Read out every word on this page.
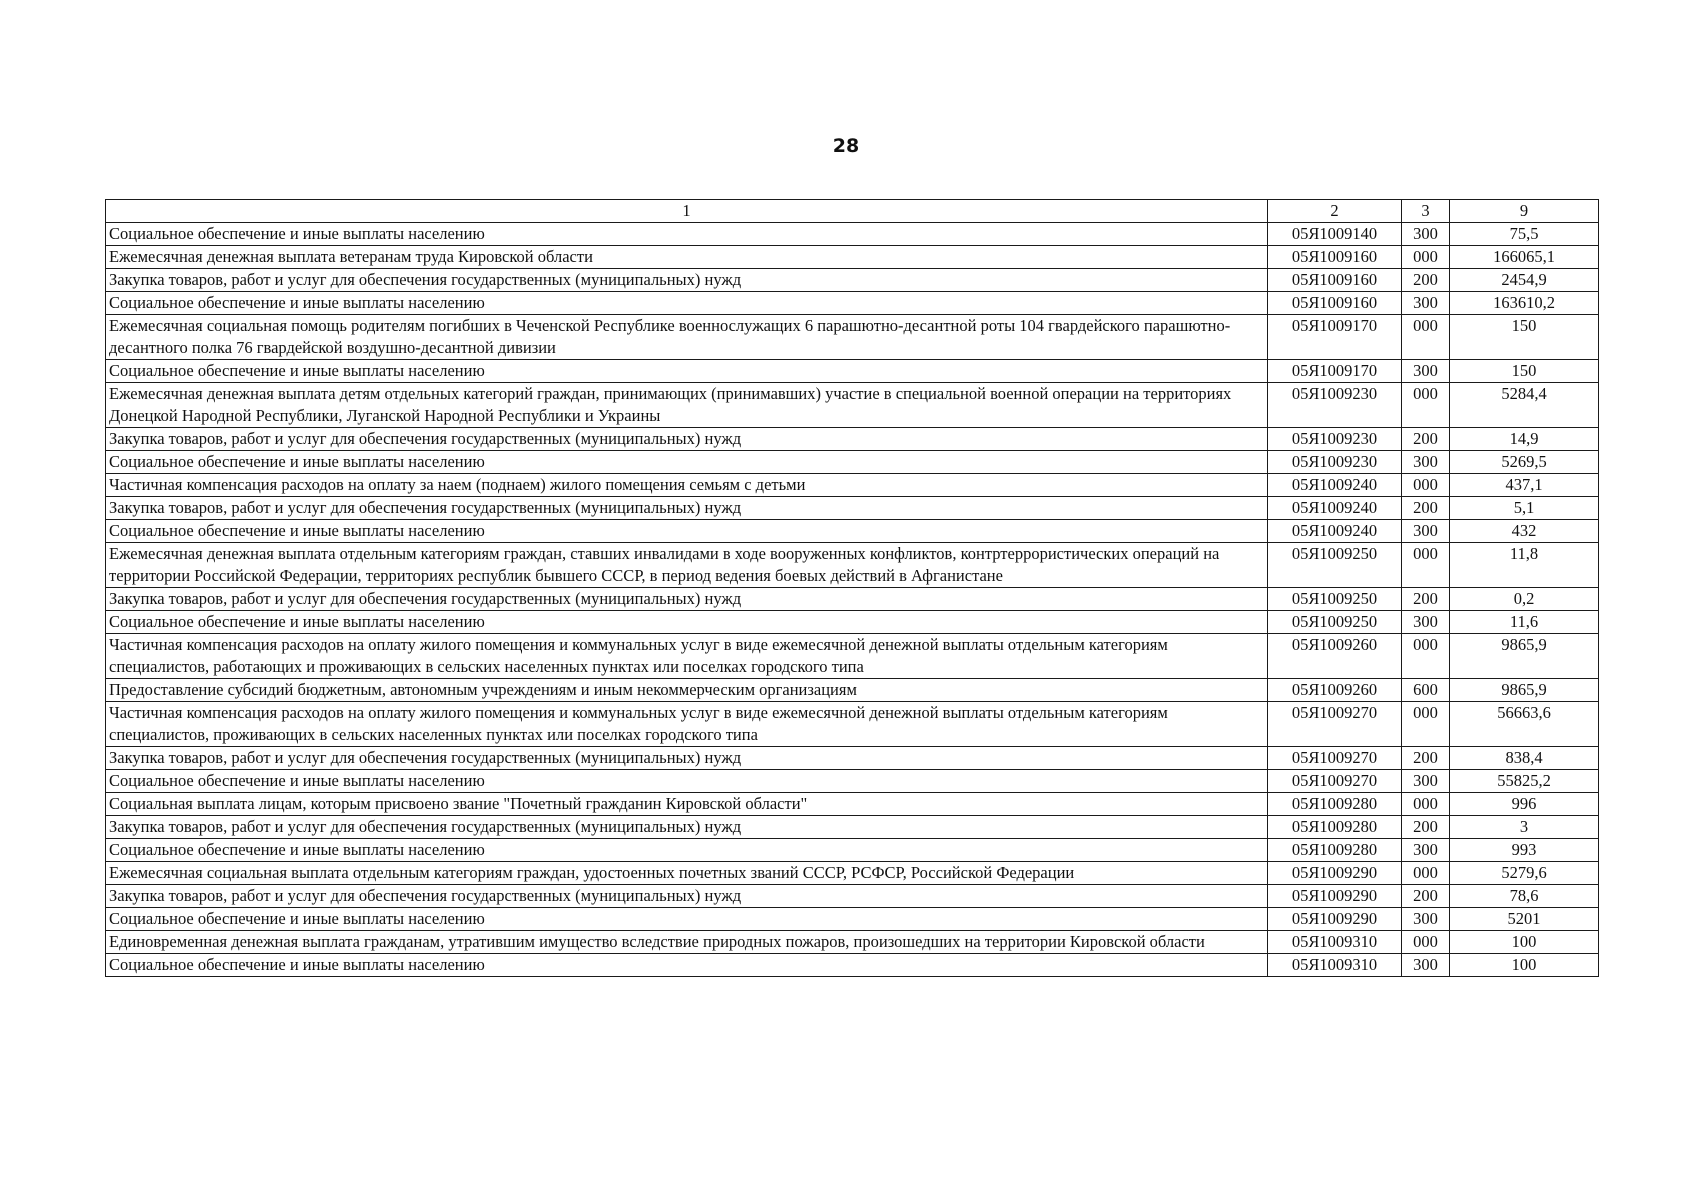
28
1	2	3	9
Социальное обеспечение и иные выплаты населению	05Я1009140	300	75,5
Ежемесячная денежная выплата ветеранам труда Кировской области	05Я1009160	000	166065,1
Закупка товаров, работ и услуг для обеспечения государственных (муниципальных) нужд	05Я1009160	200	2454,9
Социальное обеспечение и иные выплаты населению	05Я1009160	300	163610,2
Ежемесячная социальная помощь родителям погибших в Чеченской Республике военнослужащих 6 парашютно-десантной роты 104 гвардейского парашютно-десантного полка 76 гвардейской воздушно-десантной дивизии	05Я1009170	000	150
Социальное обеспечение и иные выплаты населению	05Я1009170	300	150
Ежемесячная денежная выплата детям отдельных категорий граждан, принимающих (принимавших) участие в специальной военной операции на территориях Донецкой Народной Республики, Луганской Народной Республики и Украины	05Я1009230	000	5284,4
Закупка товаров, работ и услуг для обеспечения государственных (муниципальных) нужд	05Я1009230	200	14,9
Социальное обеспечение и иные выплаты населению	05Я1009230	300	5269,5
Частичная компенсация расходов на оплату за наем (поднаем) жилого помещения семьям с детьми	05Я1009240	000	437,1
Закупка товаров, работ и услуг для обеспечения государственных (муниципальных) нужд	05Я1009240	200	5,1
Социальное обеспечение и иные выплаты населению	05Я1009240	300	432
Ежемесячная денежная выплата отдельным категориям граждан, ставших инвалидами в ходе вооруженных конфликтов, контртеррористических операций на территории Российской Федерации, территориях республик бывшего СССР, в период ведения боевых действий в Афганистане	05Я1009250	000	11,8
Закупка товаров, работ и услуг для обеспечения государственных (муниципальных) нужд	05Я1009250	200	0,2
Социальное обеспечение и иные выплаты населению	05Я1009250	300	11,6
Частичная компенсация расходов на оплату жилого помещения и коммунальных услуг в виде ежемесячной денежной выплаты отдельным категориям специалистов, работающих и проживающих в сельских населенных пунктах или поселках городского типа	05Я1009260	000	9865,9
Предоставление субсидий бюджетным, автономным учреждениям и иным некоммерческим организациям	05Я1009260	600	9865,9
Частичная компенсация расходов на оплату жилого помещения и коммунальных услуг в виде ежемесячной денежной выплаты отдельным категориям специалистов, проживающих в сельских населенных пунктах или поселках городского типа	05Я1009270	000	56663,6
Закупка товаров, работ и услуг для обеспечения государственных (муниципальных) нужд	05Я1009270	200	838,4
Социальное обеспечение и иные выплаты населению	05Я1009270	300	55825,2
Социальная выплата лицам, которым присвоено звание "Почетный гражданин Кировской области"	05Я1009280	000	996
Закупка товаров, работ и услуг для обеспечения государственных (муниципальных) нужд	05Я1009280	200	3
Социальное обеспечение и иные выплаты населению	05Я1009280	300	993
Ежемесячная социальная выплата отдельным категориям граждан, удостоенных почетных званий СССР, РСФСР, Российской Федерации	05Я1009290	000	5279,6
Закупка товаров, работ и услуг для обеспечения государственных (муниципальных) нужд	05Я1009290	200	78,6
Социальное обеспечение и иные выплаты населению	05Я1009290	300	5201
Единовременная денежная выплата гражданам, утратившим имущество вследствие природных пожаров, произошедших на территории Кировской области	05Я1009310	000	100
Социальное обеспечение и иные выплаты населению	05Я1009310	300	100
